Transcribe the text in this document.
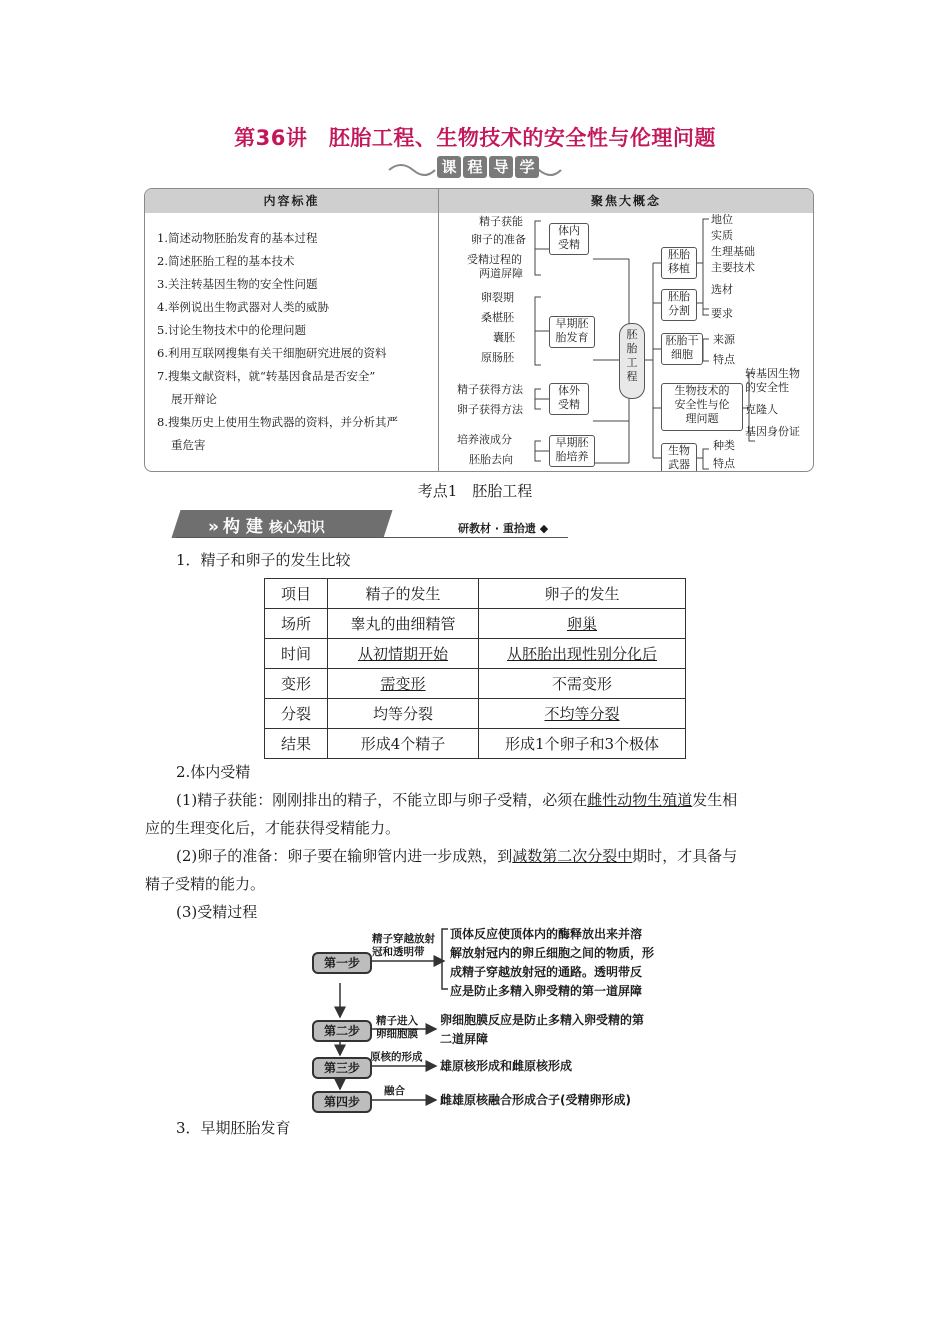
第36讲　胚胎工程、生物技术的安全性与伦理问题
课 程 导 学
内容标准	聚焦大概念
1.简述动物胚胎发育的基本过程
2.简述胚胎工程的基本技术
3.关注转基因生物的安全性问题
4.举例说出生物武器对人类的威胁
5.讨论生物技术中的伦理问题
6.利用互联网搜集有关干细胞研究进展的资料
7.搜集文献资料，就“转基因食品是否安全”
展开辩论
8.搜集历史上使用生物武器的资料，并分析其严
重危害
精子获能
卵子的准备
受精过程的
两道屏障
体内
受精
卵裂期
桑椹胚
囊胚
原肠胚
早期胚
胎发育
精子获得方法
卵子获得方法
体外
受精
培养液成分
胚胎去向
早期胚
胎培养
胚
胎
工
程
胚胎
移植
地位
实质
生理基础
主要技术
胚胎
分割
选材
要求
胚胎干
细胞
来源
特点
生物技术的
安全性与伦
理问题
转基因生物
的安全性
克隆人
基因身份证
生物
武器
种类
特点
考点1　胚胎工程
» 构 建 核心知识	研教材 · 重拾遗 ◆
1．精子和卵子的发生比较
项目	精子的发生	卵子的发生
场所	睾丸的曲细精管	卵巢
时间	从初情期开始	从胚胎出现性别分化后
变形	需变形	不需变形
分裂	均等分裂	不均等分裂
结果	形成4个精子	形成1个卵子和3个极体
2.体内受精
(1)精子获能：刚刚排出的精子，不能立即与卵子受精，必须在雌性动物生殖道发生相
应的生理变化后，才能获得受精能力。
(2)卵子的准备：卵子要在输卵管内进一步成熟，到减数第二次分裂中期时，才具备与
精子受精的能力。
(3)受精过程
第一步
第二步
第三步
第四步
精子穿越放射
冠和透明带
精子进入
卵细胞膜
原核的形成
融合
顶体反应使顶体内的酶释放出来并溶
解放射冠内的卵丘细胞之间的物质，形
成精子穿越放射冠的通路。透明带反
应是防止多精入卵受精的第一道屏障
卵细胞膜反应是防止多精入卵受精的第
二道屏障
雄原核形成和雌原核形成
雌雄原核融合形成合子(受精卵形成)
3．早期胚胎发育
